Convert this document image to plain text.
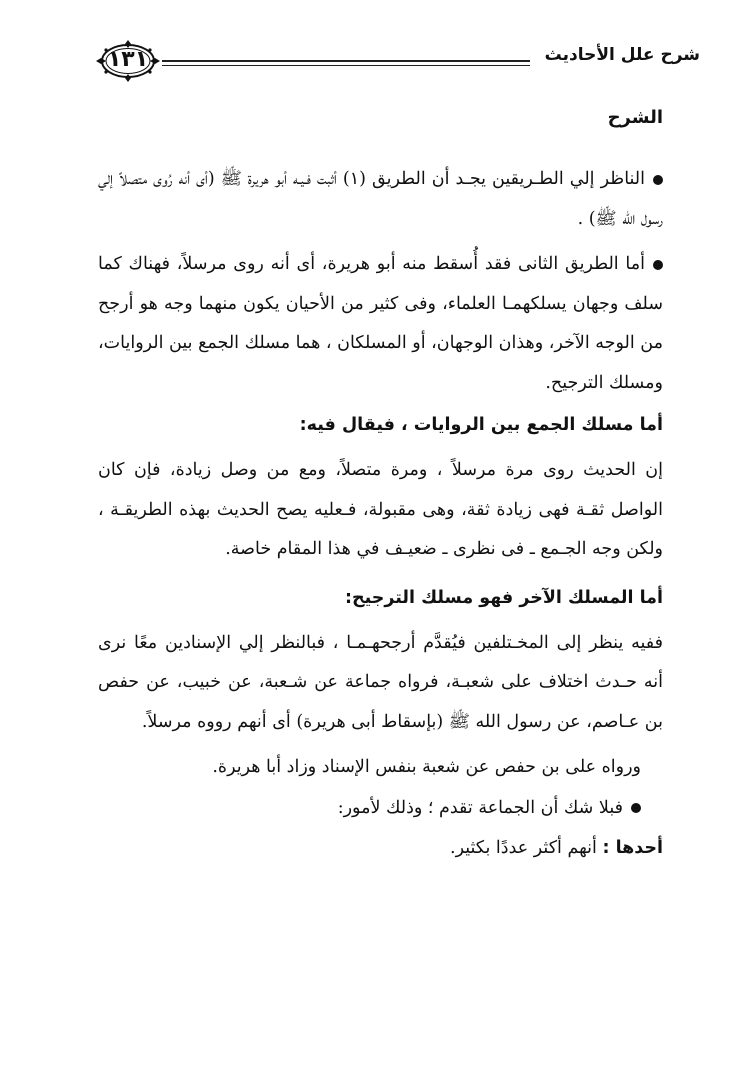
شرح علل الأحاديث
١٣١
الشرح

الناظر إلي الطـريقين يجـد أن الطريق (١) أثبت فـيـه أبو هريرة ﷺ (أى أنه رُوى متصلاً إلي رسول الله ﷺ) .

أما الطريق الثانى فقد أُسقط منه أبو هريرة، أى أنه روى مرسلاً، فهناك كما سلف وجهان يسلكهمـا العلماء، وفى كثير من الأحيان يكون منهما وجه هو أرجح من الوجه الآخر، وهذان الوجهان، أو المسلكان ، هما مسلك الجمع بين الروايات، ومسلك الترجيح.

أما مسلك الجمع بين الروايات ، فيقال فيه:

إن الحديث روى مرة مرسلاً ، ومرة متصلاً، ومع من وصل زيادة، فإن كان الواصل ثقـة فهى زيادة ثقة، وهى مقبولة، فـعليه يصح الحديث بهذه الطريقـة ، ولكن وجه الجـمع ـ فى نظرى ـ ضعيـف في هذا المقام خاصة.

أما المسلك الآخر فهو مسلك الترجيح:

ففيه ينظر إلى المخـتلفين فيُقدَّم أرجحهـمـا ، فبالنظر إلي الإسنادين معًا نرى أنه حـدث اختلاف على شعبـة، فرواه جماعة عن شـعبة، عن خبيب، عن حفص بن عـاصم، عن رسول الله ﷺ (بإسقاط أبى هريرة) أى أنهم رووه مرسلاً.

ورواه على بن حفص عن شعبة بنفس الإسناد وزاد أبا هريرة.

فبلا شك أن الجماعة تقدم ؛ وذلك لأمور:

أحدها : أنهم أكثر عددًا بكثير.
